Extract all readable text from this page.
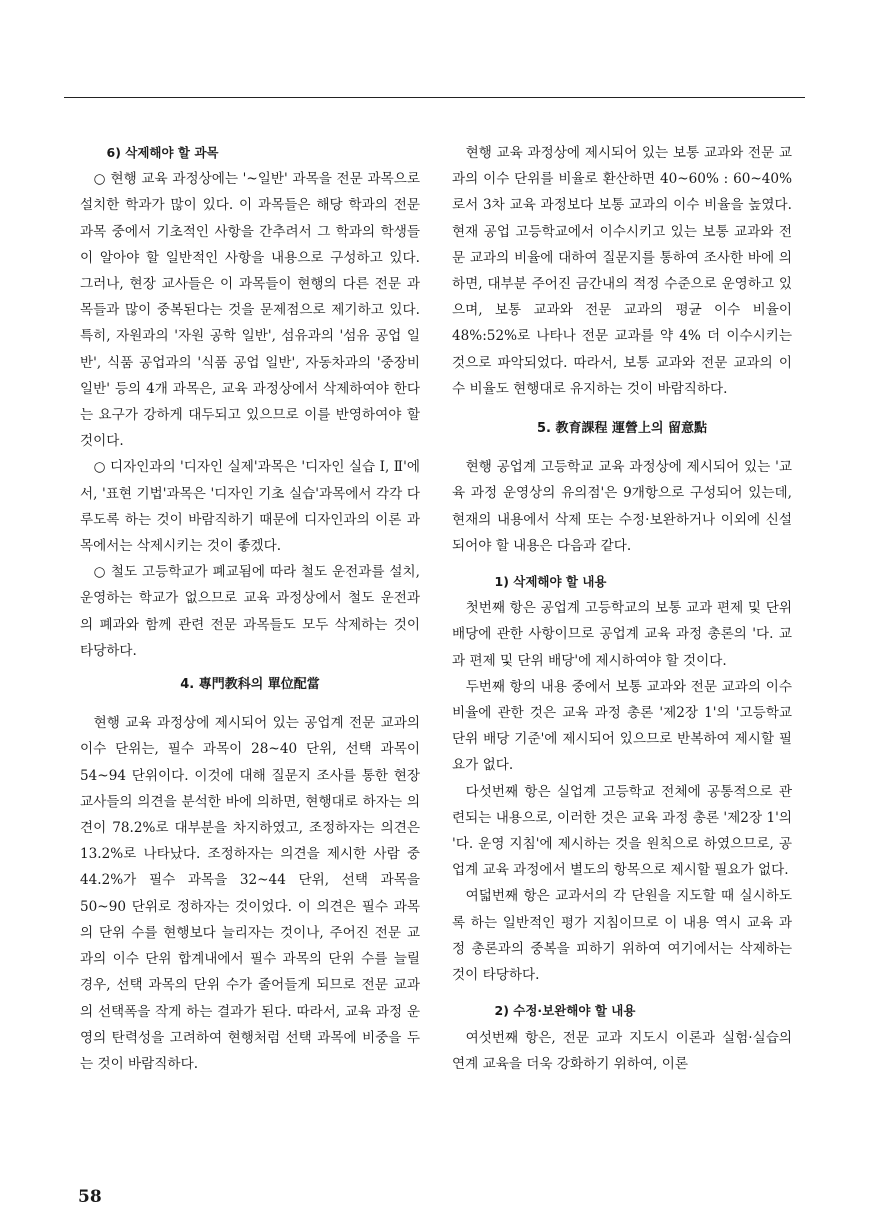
6) 삭제해야 할 과목

○ 현행 교육 과정상에는 '~일반' 과목을 전문 과목으로 설치한 학과가 많이 있다. 이 과목들은 해당 학과의 전문 과목 중에서 기초적인 사항을 간추려서 그 학과의 학생들이 알아야 할 일반적인 사항을 내용으로 구성하고 있다. 그러나, 현장 교사들은 이 과목들이 현행의 다른 전문 과목들과 많이 중복된다는 것을 문제점으로 제기하고 있다. 특히, 자원과의 '자원 공학 일반', 섬유과의 '섬유 공업 일반', 식품 공업과의 '식품 공업 일반', 자동차과의 '중장비 일반' 등의 4개 과목은, 교육 과정상에서 삭제하여야 한다는 요구가 강하게 대두되고 있으므로 이를 반영하여야 할 것이다.

○ 디자인과의 '디자인 실제'과목은 '디자인 실습 Ⅰ, Ⅱ'에서, '표현 기법'과목은 '디자인 기초 실습'과목에서 각각 다루도록 하는 것이 바람직하기 때문에 디자인과의 이론 과목에서는 삭제시키는 것이 좋겠다.

○ 철도 고등학교가 폐교됨에 따라 철도 운전과를 설치, 운영하는 학교가 없으므로 교육 과정상에서 철도 운전과의 폐과와 함께 관련 전문 과목들도 모두 삭제하는 것이 타당하다.

4. 專門教科의 單位配當

현행 교육 과정상에 제시되어 있는 공업계 전문 교과의 이수 단위는, 필수 과목이 28~40 단위, 선택 과목이 54~94 단위이다. 이것에 대해 질문지 조사를 통한 현장 교사들의 의견을 분석한 바에 의하면, 현행대로 하자는 의견이 78.2%로 대부분을 차지하였고, 조정하자는 의견은 13.2%로 나타났다. 조정하자는 의견을 제시한 사람 중 44.2%가 필수 과목을 32~44 단위, 선택 과목을 50~90 단위로 정하자는 것이었다. 이 의견은 필수 과목의 단위 수를 현행보다 늘리자는 것이나, 주어진 전문 교과의 이수 단위 합계내에서 필수 과목의 단위 수를 늘릴 경우, 선택 과목의 단위 수가 줄어들게 되므로 전문 교과의 선택폭을 작게 하는 결과가 된다. 따라서, 교육 과정 운영의 탄력성을 고려하여 현행처럼 선택 과목에 비중을 두는 것이 바람직하다.

현행 교육 과정상에 제시되어 있는 보통 교과와 전문 교과의 이수 단위를 비율로 환산하면 40~60% : 60~40%로서 3차 교육 과정보다 보통 교과의 이수 비율을 높였다. 현재 공업 고등학교에서 이수시키고 있는 보통 교과와 전문 교과의 비율에 대하여 질문지를 통하여 조사한 바에 의하면, 대부분 주어진 금간내의 적정 수준으로 운영하고 있으며, 보통 교과와 전문 교과의 평균 이수 비율이 48%:52%로 나타나 전문 교과를 약 4% 더 이수시키는 것으로 파악되었다. 따라서, 보통 교과와 전문 교과의 이수 비율도 현행대로 유지하는 것이 바람직하다.

5. 教育課程 運營上의 留意點

현행 공업계 고등학교 교육 과정상에 제시되어 있는 '교육 과정 운영상의 유의점'은 9개항으로 구성되어 있는데, 현재의 내용에서 삭제 또는 수정·보완하거나 이외에 신설되어야 할 내용은 다음과 같다.

1) 삭제해야 할 내용

첫번째 항은 공업계 고등학교의 보통 교과 편제 및 단위 배당에 관한 사항이므로 공업계 교육 과정 총론의 '다. 교과 편제 및 단위 배당'에 제시하여야 할 것이다.

두번째 항의 내용 중에서 보통 교과와 전문 교과의 이수 비율에 관한 것은 교육 과정 총론 '제2장 1'의 '고등학교 단위 배당 기준'에 제시되어 있으므로 반복하여 제시할 필요가 없다.

다섯번째 항은 실업계 고등학교 전체에 공통적으로 관련되는 내용으로, 이러한 것은 교육 과정 총론 '제2장 1'의 '다. 운영 지침'에 제시하는 것을 원칙으로 하였으므로, 공업계 교육 과정에서 별도의 항목으로 제시할 필요가 없다.

여덟번째 항은 교과서의 각 단원을 지도할 때 실시하도록 하는 일반적인 평가 지침이므로 이 내용 역시 교육 과정 총론과의 중복을 피하기 위하여 여기에서는 삭제하는 것이 타당하다.

2) 수정·보완해야 할 내용

여섯번째 항은, 전문 교과 지도시 이론과 실험·실습의 연계 교육을 더욱 강화하기 위하여, 이론

58
